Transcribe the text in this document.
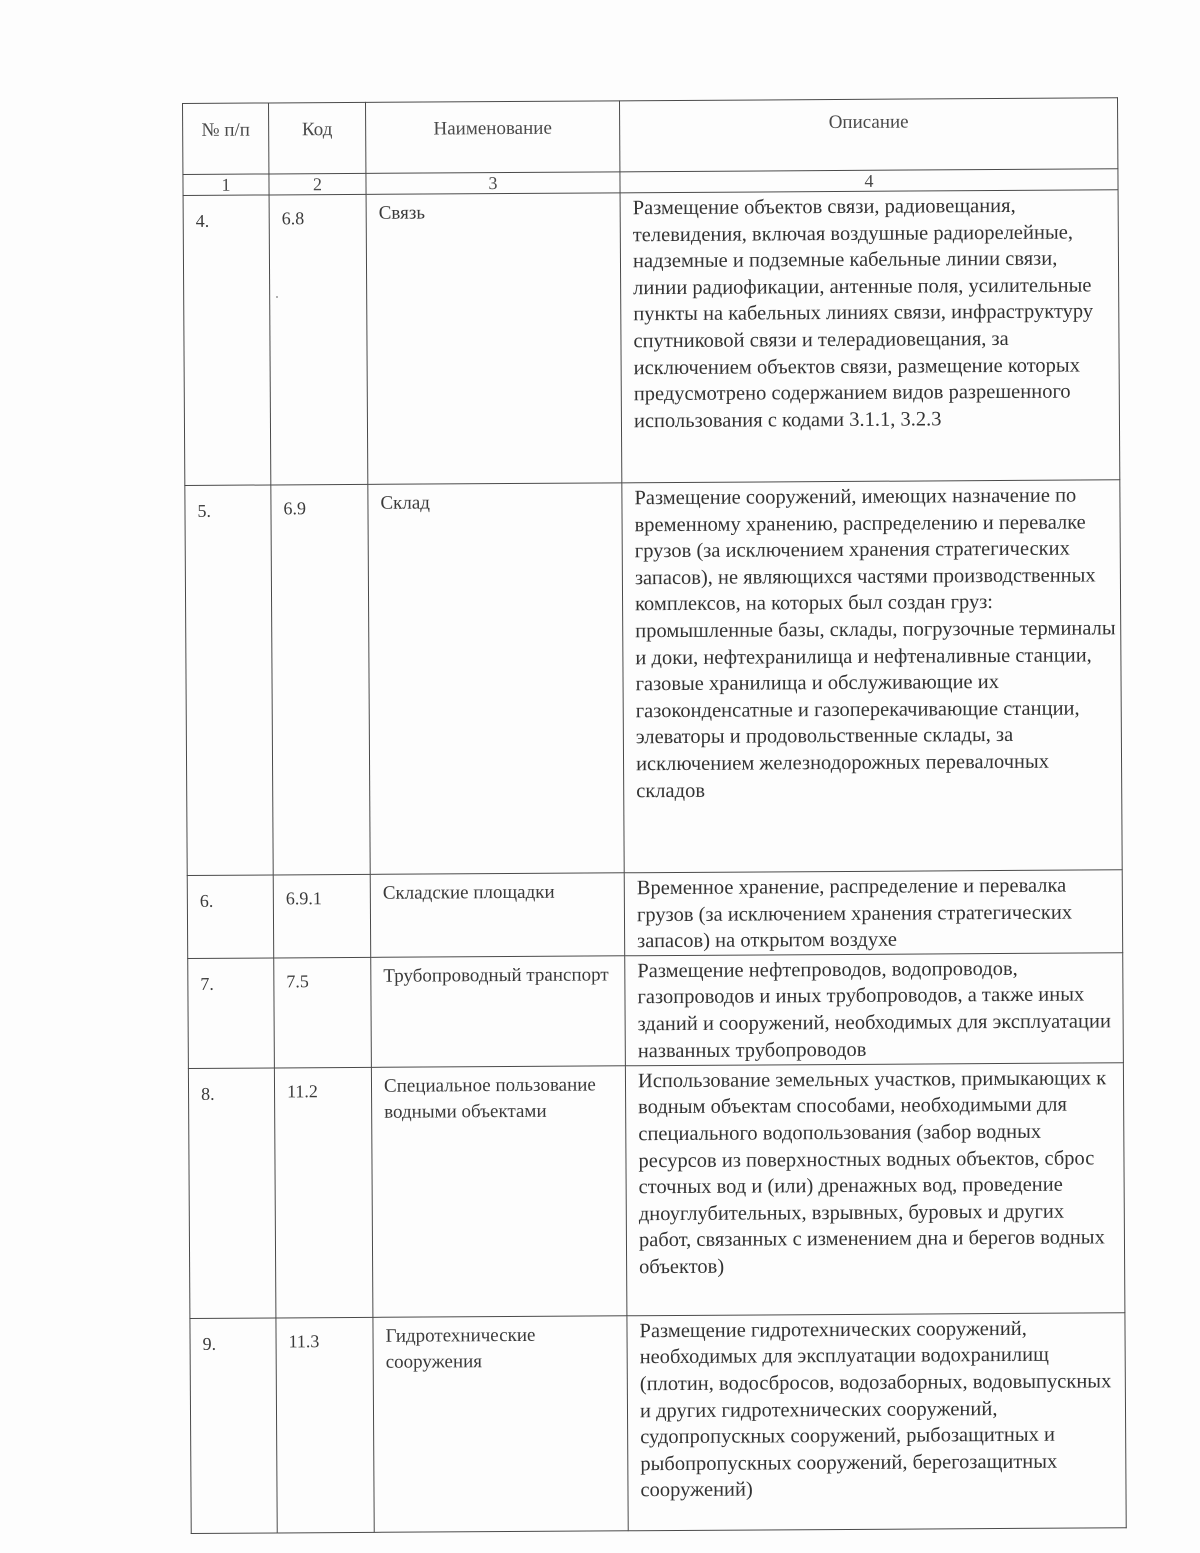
№ п/п	Код	Наименование	Описание
1	2	3	4
4.	6.8	Связь	Размещение объектов связи, радиовещания, телевидения, включая воздушные радиорелейные, надземные и подземные кабельные линии связи, линии радиофикации, антенные поля, усилительные пункты на кабельных линиях связи, инфраструктуру спутниковой связи и телерадиовещания, за исключением объектов связи, размещение которых предусмотрено содержанием видов разрешенного использования с кодами 3.1.1, 3.2.3
5.	6.9	Склад	Размещение сооружений, имеющих назначение по временному хранению, распределению и перевалке грузов (за исключением хранения стратегических запасов), не являющихся частями производственных комплексов, на которых был создан груз: промышленные базы, склады, погрузочные терминалы и доки, нефтехранилища и нефтеналивные станции, газовые хранилища и обслуживающие их газоконденсатные и газоперекачивающие станции, элеваторы и продовольственные склады, за исключением железнодорожных перевалочных складов
6.	6.9.1	Складские площадки	Временное хранение, распределение и перевалка грузов (за исключением хранения стратегических запасов) на открытом воздухе
7.	7.5	Трубопроводный транспорт	Размещение нефтепроводов, водопроводов, газопроводов и иных трубопроводов, а также иных зданий и сооружений, необходимых для эксплуатации названных трубопроводов
8.	11.2	Специальное пользование водными объектами	Использование земельных участков, примыкающих к водным объектам способами, необходимыми для специального водопользования (забор водных ресурсов из поверхностных водных объектов, сброс сточных вод и (или) дренажных вод, проведение дноуглубительных, взрывных, буровых и других работ, связанных с изменением дна и берегов водных объектов)
9.	11.3	Гидротехнические сооружения	Размещение гидротехнических сооружений, необходимых для эксплуатации водохранилищ (плотин, водосбросов, водозаборных, водовыпускных и других гидротехнических сооружений, судопропускных сооружений, рыбозащитных и рыбопропускных сооружений, берегозащитных сооружений)
